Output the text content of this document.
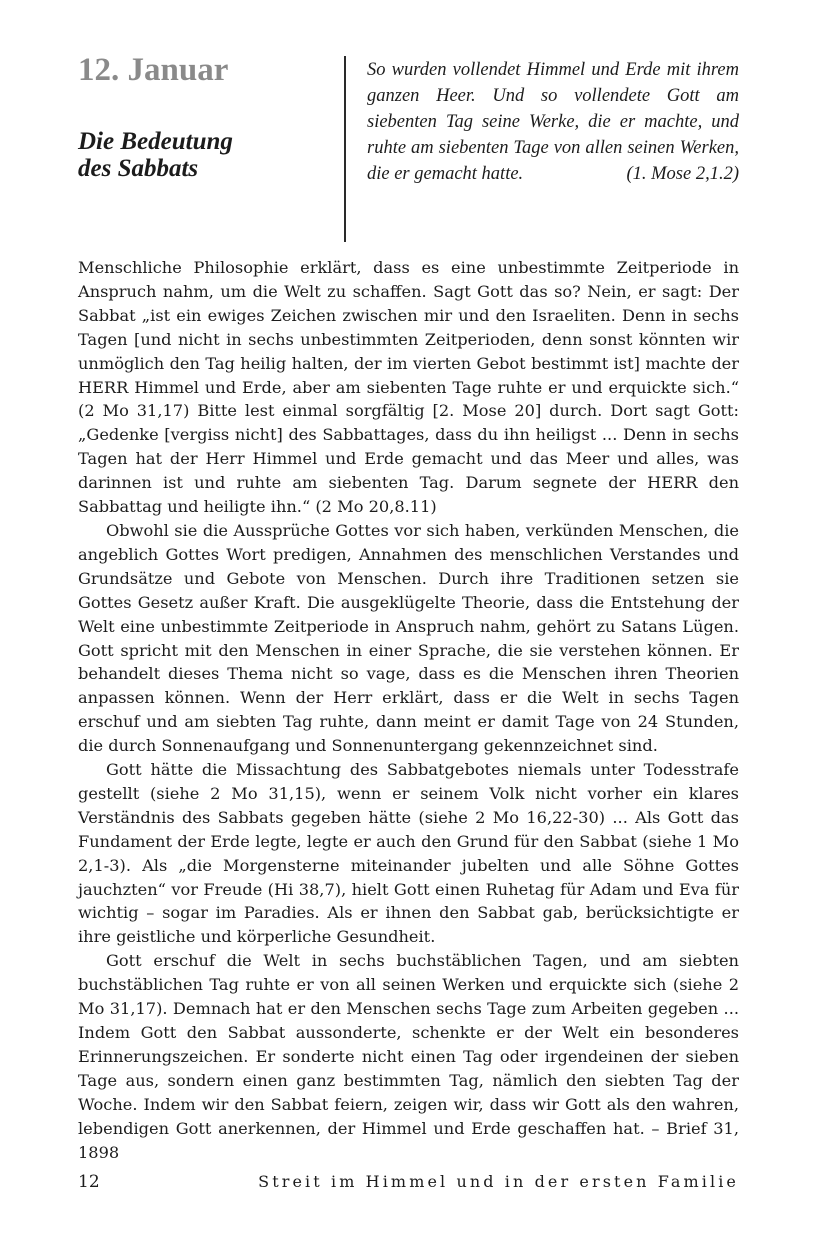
12. Januar
Die Bedeutung
des Sabbats
So wurden vollendet Himmel und Erde mit ihrem ganzen Heer. Und so vollendete Gott am siebenten Tag seine Werke, die er machte, und ruhte am siebenten Tage von allen seinen Werken, die er gemacht hatte.	(1. Mose 2,1.2)

Menschliche Philosophie erklärt, dass es eine unbestimmte Zeitperiode in Anspruch nahm, um die Welt zu schaffen. Sagt Gott das so? Nein, er sagt: Der Sabbat „ist ein ewiges Zeichen zwischen mir und den Israeliten. Denn in sechs Tagen [und nicht in sechs unbestimmten Zeitperioden, denn sonst könnten wir unmöglich den Tag heilig halten, der im vierten Gebot bestimmt ist] machte der HERR Himmel und Erde, aber am siebenten Tage ruhte er und erquickte sich.“ (2 Mo 31,17) Bitte lest einmal sorgfältig [2. Mose 20] durch. Dort sagt Gott: „Gedenke [vergiss nicht] des Sabbattages, dass du ihn heiligst ... Denn in sechs Tagen hat der Herr Himmel und Erde gemacht und das Meer und alles, was darinnen ist und ruhte am siebenten Tag. Darum segnete der HERR den Sabbattag und heiligte ihn.“ (2 Mo 20,8.11)

Obwohl sie die Aussprüche Gottes vor sich haben, verkünden Menschen, die angeblich Gottes Wort predigen, Annahmen des menschlichen Verstandes und Grundsätze und Gebote von Menschen. Durch ihre Traditionen setzen sie Gottes Gesetz außer Kraft. Die ausgeklügelte Theorie, dass die Entstehung der Welt eine unbestimmte Zeitperiode in Anspruch nahm, gehört zu Satans Lügen. Gott spricht mit den Menschen in einer Sprache, die sie verstehen können. Er behandelt dieses Thema nicht so vage, dass es die Menschen ihren Theorien anpassen können. Wenn der Herr erklärt, dass er die Welt in sechs Tagen erschuf und am siebten Tag ruhte, dann meint er damit Tage von 24 Stunden, die durch Sonnenaufgang und Sonnenuntergang gekennzeichnet sind.

Gott hätte die Missachtung des Sabbatgebotes niemals unter Todesstrafe gestellt (siehe 2 Mo 31,15), wenn er seinem Volk nicht vorher ein klares Verständnis des Sabbats gegeben hätte (siehe 2 Mo 16,22-30) ... Als Gott das Fundament der Erde legte, legte er auch den Grund für den Sabbat (siehe 1 Mo 2,1-3). Als „die Morgensterne miteinander jubelten und alle Söhne Gottes jauchzten“ vor Freude (Hi 38,7), hielt Gott einen Ruhetag für Adam und Eva für wichtig – sogar im Paradies. Als er ihnen den Sabbat gab, berücksichtigte er ihre geistliche und körperliche Gesundheit.

Gott erschuf die Welt in sechs buchstäblichen Tagen, und am siebten buchstäblichen Tag ruhte er von all seinen Werken und erquickte sich (siehe 2 Mo 31,17). Demnach hat er den Menschen sechs Tage zum Arbeiten gegeben ... Indem Gott den Sabbat aussonderte, schenkte er der Welt ein besonderes Erinnerungszeichen. Er sonderte nicht einen Tag oder irgendeinen der sieben Tage aus, sondern einen ganz bestimmten Tag, nämlich den siebten Tag der Woche. Indem wir den Sabbat feiern, zeigen wir, dass wir Gott als den wahren, lebendigen Gott anerkennen, der Himmel und Erde geschaffen hat. – Brief 31, 1898

12	Streit im Himmel und in der ersten Familie
